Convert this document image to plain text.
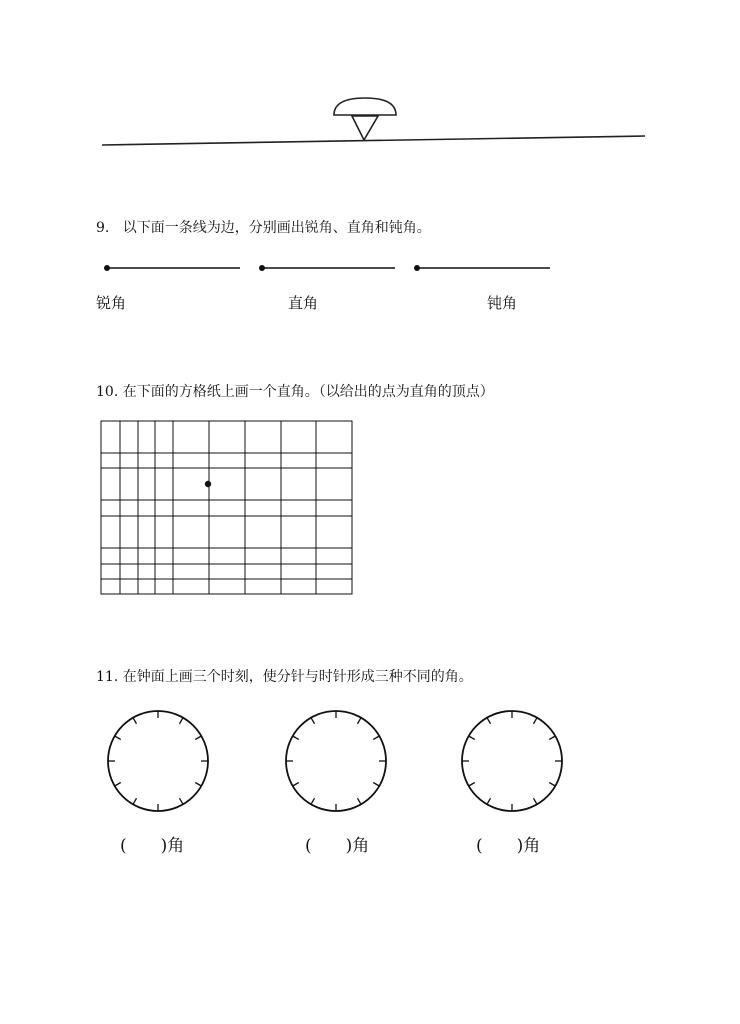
9. 以下面一条线为边，分别画出锐角、直角和钝角。
锐角	直角	钝角
10. 在下面的方格纸上画一个直角。（以给出的点为直角的顶点）
11. 在钟面上画三个时刻，使分针与时针形成三种不同的角。
(　　)角	(　　)角	(　　)角
